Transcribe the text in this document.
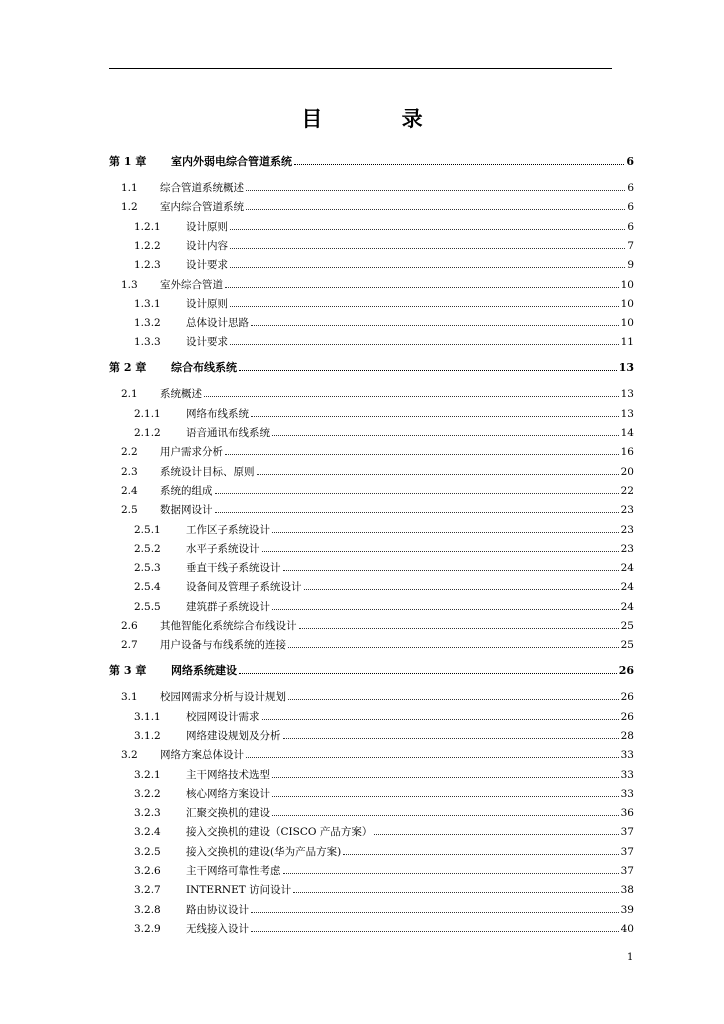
目 录
第 1 章	室内外弱电综合管道系统	6
1.1	综合管道系统概述	6
1.2	室内综合管道系统	6
1.2.1	设计原则	6
1.2.2	设计内容	7
1.2.3	设计要求	9
1.3	室外综合管道	10
1.3.1	设计原则	10
1.3.2	总体设计思路	10
1.3.3	设计要求	11
第 2 章	综合布线系统	13
2.1	系统概述	13
2.1.1	网络布线系统	13
2.1.2	语音通讯布线系统	14
2.2	用户需求分析	16
2.3	系统设计目标、原则	20
2.4	系统的组成	22
2.5	数据网设计	23
2.5.1	工作区子系统设计	23
2.5.2	水平子系统设计	23
2.5.3	垂直干线子系统设计	24
2.5.4	设备间及管理子系统设计	24
2.5.5	建筑群子系统设计	24
2.6	其他智能化系统综合布线设计	25
2.7	用户设备与布线系统的连接	25
第 3 章	网络系统建设	26
3.1	校园网需求分析与设计规划	26
3.1.1	校园网设计需求	26
3.1.2	网络建设规划及分析	28
3.2	网络方案总体设计	33
3.2.1	主干网络技术选型	33
3.2.2	核心网络方案设计	33
3.2.3	汇聚交换机的建设	36
3.2.4	接入交换机的建设（CISCO 产品方案）	37
3.2.5	接入交换机的建设(华为产品方案)	37
3.2.6	主干网络可靠性考虑	37
3.2.7	INTERNET 访问设计	38
3.2.8	路由协议设计	39
3.2.9	无线接入设计	40
1
